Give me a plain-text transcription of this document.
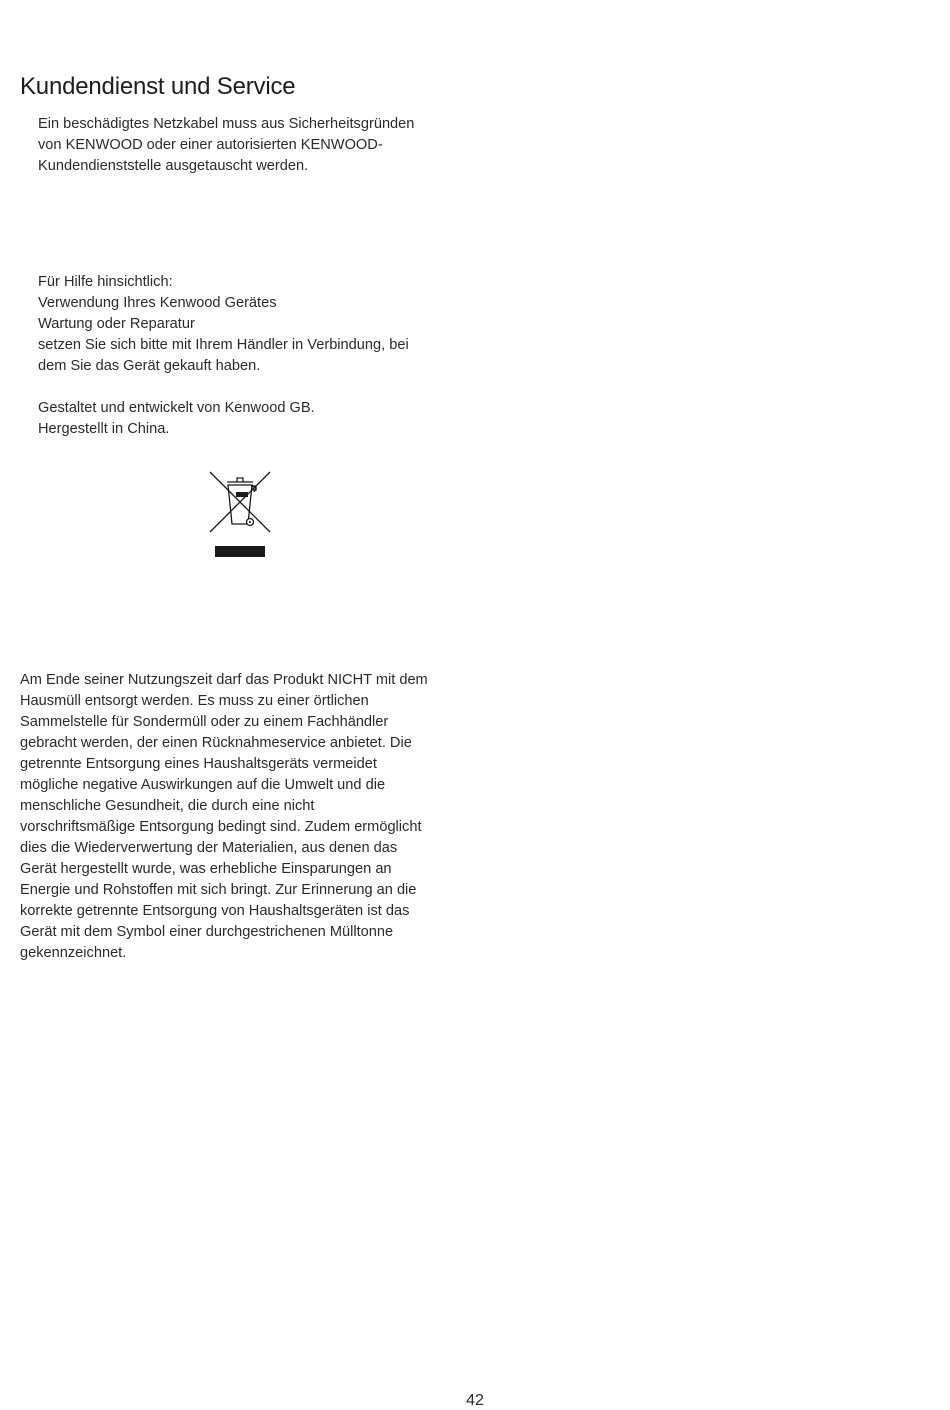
Kundendienst und Service
Ein beschädigtes Netzkabel muss aus Sicherheitsgründen
von KENWOOD oder einer autorisierten KENWOOD-
Kundendienststelle ausgetauscht werden.
Für Hilfe hinsichtlich:
Verwendung Ihres Kenwood Gerätes
Wartung oder Reparatur
setzen Sie sich bitte mit Ihrem Händler in Verbindung, bei
dem Sie das Gerät gekauft haben.
Gestaltet und entwickelt von Kenwood GB.
Hergestellt in China.
Am Ende seiner Nutzungszeit darf das Produkt NICHT mit dem
Hausmüll entsorgt werden. Es muss zu einer örtlichen
Sammelstelle für Sondermüll oder zu einem Fachhändler
gebracht werden, der einen Rücknahmeservice anbietet. Die
getrennte Entsorgung eines Haushaltsgeräts vermeidet
mögliche negative Auswirkungen auf die Umwelt und die
menschliche Gesundheit, die durch eine nicht
vorschriftsmäßige Entsorgung bedingt sind. Zudem ermöglicht
dies die Wiederverwertung der Materialien, aus denen das
Gerät hergestellt wurde, was erhebliche Einsparungen an
Energie und Rohstoffen mit sich bringt. Zur Erinnerung an die
korrekte getrennte Entsorgung von Haushaltsgeräten ist das
Gerät mit dem Symbol einer durchgestrichenen Mülltonne
gekennzeichnet.
42
